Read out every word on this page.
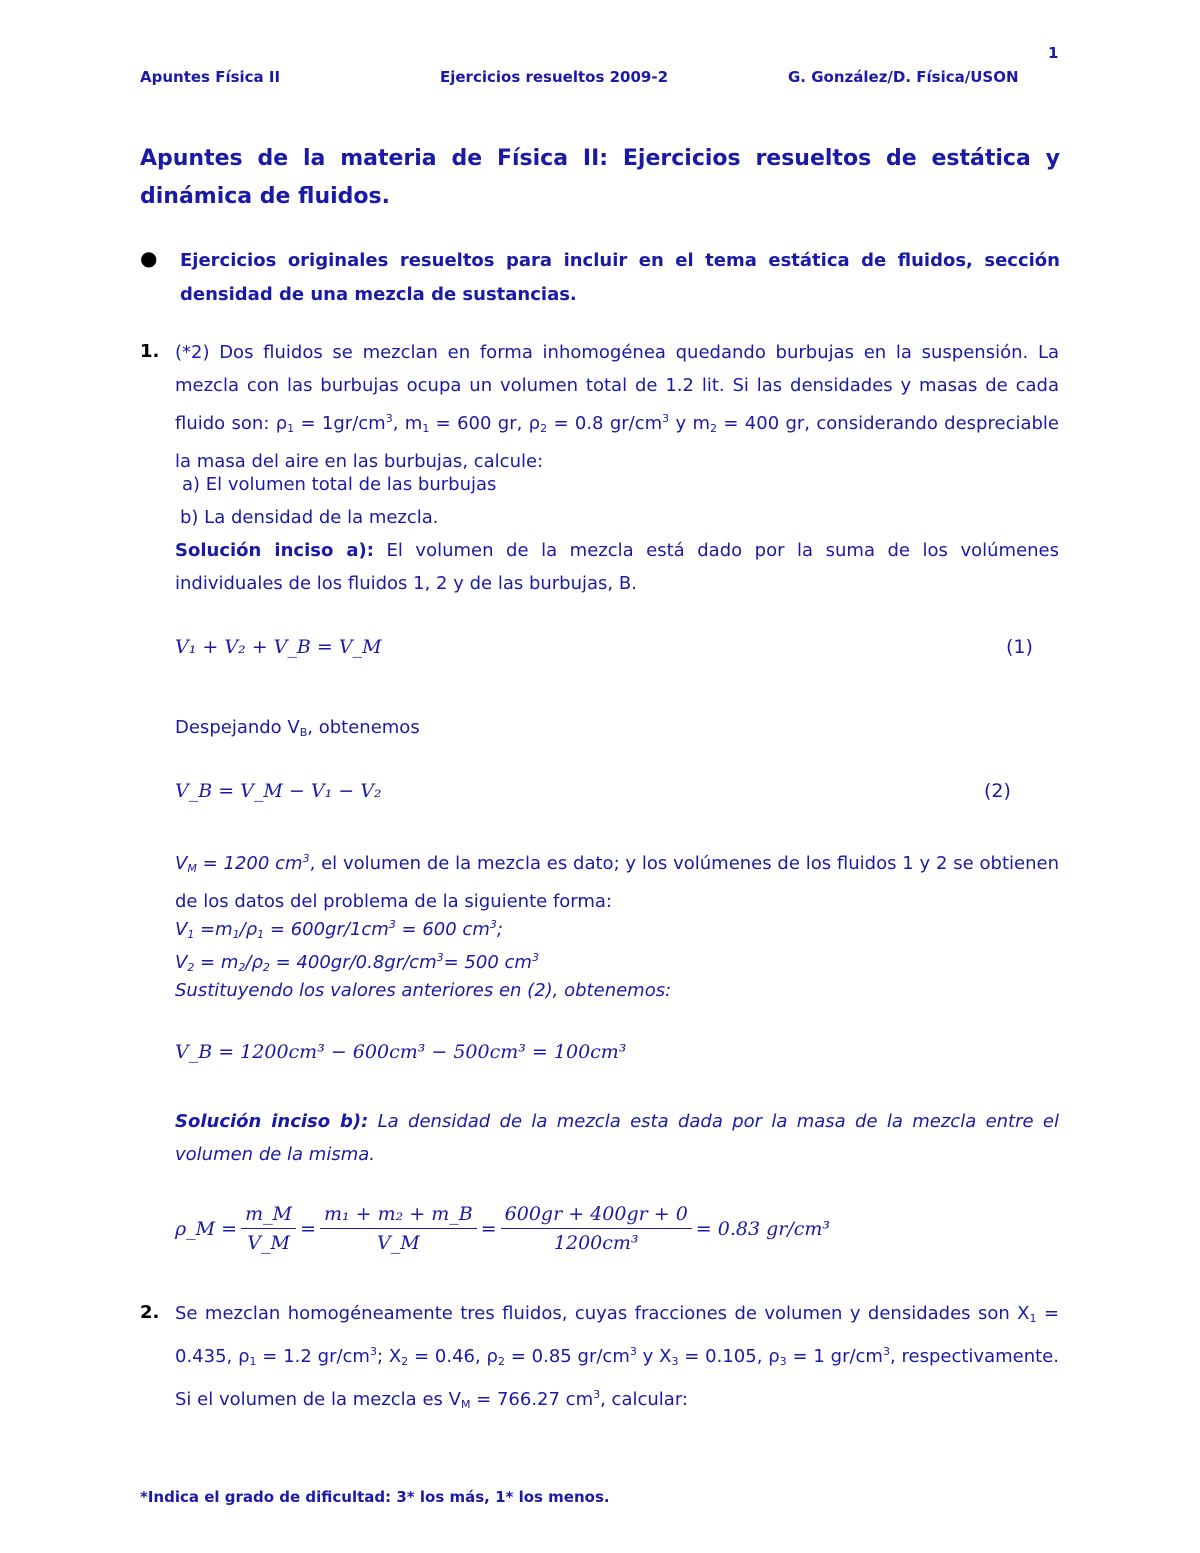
1
Apuntes Física II	Ejercicios resueltos 2009-2	G. González/D. Física/USON
Apuntes de la materia de Física II: Ejercicios resueltos de estática y dinámica de fluidos.
● Ejercicios originales resueltos para incluir en el tema estática de fluidos, sección densidad de una mezcla de sustancias.
1. (*2) Dos fluidos se mezclan en forma inhomogénea quedando burbujas en la suspensión. La mezcla con las burbujas ocupa un volumen total de 1.2 lit. Si las densidades y masas de cada fluido son: $\rho_1 = 1gr/cm^3$, $m_1 = 600$ gr, $\rho_2 = 0.8$ $gr/cm^3$ y $m_2 = 400$ gr, considerando despreciable la masa del aire en las burbujas, calcule:
a) El volumen total de las burbujas
b) La densidad de la mezcla.
Solución inciso a): El volumen de la mezcla está dado por la suma de los volúmenes individuales de los fluidos 1, 2 y de las burbujas, B.
V₁ + V₂ + V_B = V_M	(1)
Despejando $V_B$, obtenemos
V_B = V_M − V₁ − V₂	(2)
$V_M = 1200$ $cm^3$, el volumen de la mezcla es dato; y los volúmenes de los fluidos 1 y 2 se obtienen de los datos del problema de la siguiente forma:
$V_1 =m_1/\rho_1 = 600gr/1cm^3 = 600$ $cm^3$;
$V_2 = m_2/\rho_2 = 400gr/0.8gr/cm^3= 500$ $cm^3$
Sustituyendo los valores anteriores en (2), obtenemos:
V_B = 1200cm³ − 600cm³ − 500cm³ = 100cm³
Solución inciso b): La densidad de la mezcla esta dada por la masa de la mezcla entre el volumen de la misma.
ρ_M = $\frac{m\_M}{V\_M} = \frac{\text{m₁ + m₂ + m\_B}}{V\_M} = \frac{600gr + 400gr + 0}{\text{1200cm³}} = 0.83$ gr/cm³
2. Se mezclan homogéneamente tres fluidos, cuyas fracciones de volumen y densidades son $X_1 = 0.435$, $\rho_1 = 1.2$ $gr/cm^3$; $X_2 = 0.46$, $\rho_2 = 0.85$ $gr/cm^3$ y $X_3 = 0.105$, $\rho_3 = 1$ $gr/cm^3$, respectivamente. Si el volumen de la mezcla es $V_M = 766.27$ $cm^3$, calcular:
*Indica el grado de dificultad: 3* los más, 1* los menos.
